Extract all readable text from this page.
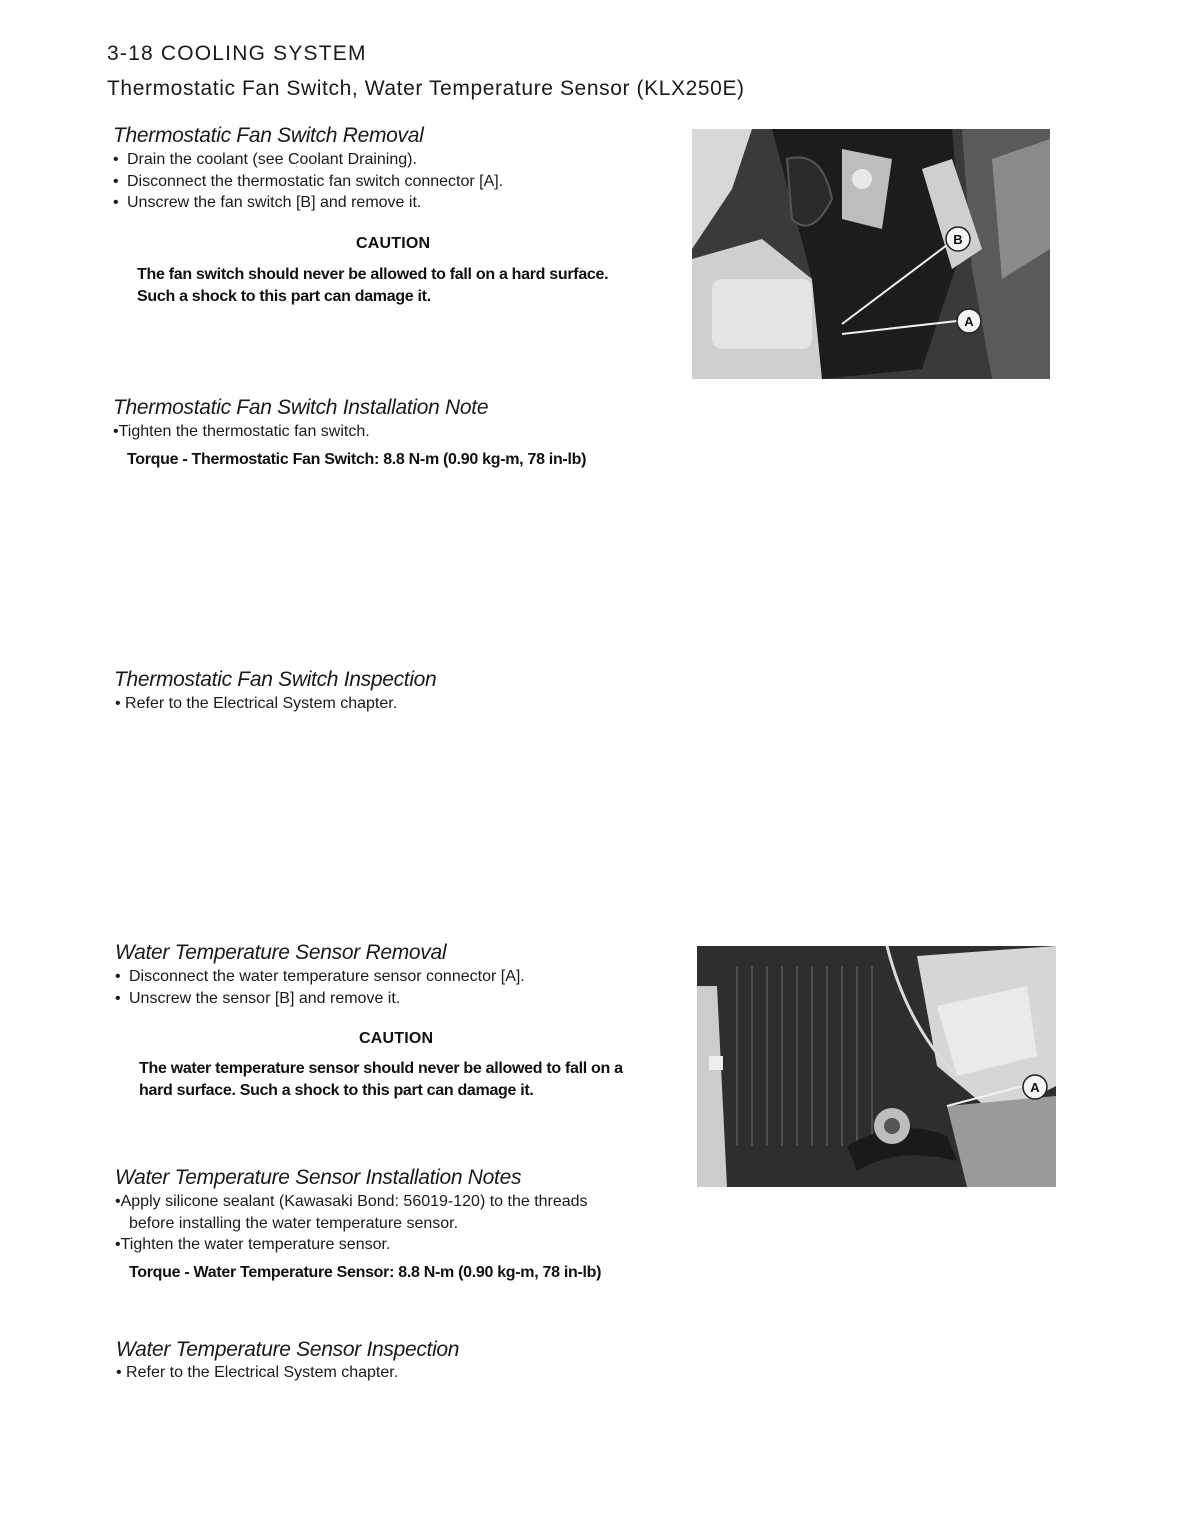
3-18 COOLING SYSTEM
Thermostatic Fan Switch, Water Temperature Sensor (KLX250E)
Thermostatic Fan Switch Removal
• Drain the coolant (see Coolant Draining).
• Disconnect the thermostatic fan switch connector [A].
• Unscrew the fan switch [B] and remove it.
CAUTION
The fan switch should never be allowed to fall on a hard surface.
Such a shock to this part can damage it.
B
A
Thermostatic Fan Switch Installation Note
•Tighten the thermostatic fan switch.
Torque - Thermostatic Fan Switch: 8.8 N-m (0.90 kg-m, 78 in-lb)
Thermostatic Fan Switch Inspection
• Refer to the Electrical System chapter.
Water Temperature Sensor Removal
• Disconnect the water temperature sensor connector [A].
• Unscrew the sensor [B] and remove it.
CAUTION
The water temperature sensor should never be allowed to fall on a
hard surface. Such a shock to this part can damage it.	A
Water Temperature Sensor Installation Notes
•Apply silicone sealant (Kawasaki Bond: 56019-120) to the threads
before installing the water temperature sensor.
•Tighten the water temperature sensor.
Torque - Water Temperature Sensor: 8.8 N-m (0.90 kg-m, 78 in-lb)
Water Temperature Sensor Inspection
• Refer to the Electrical System chapter.
